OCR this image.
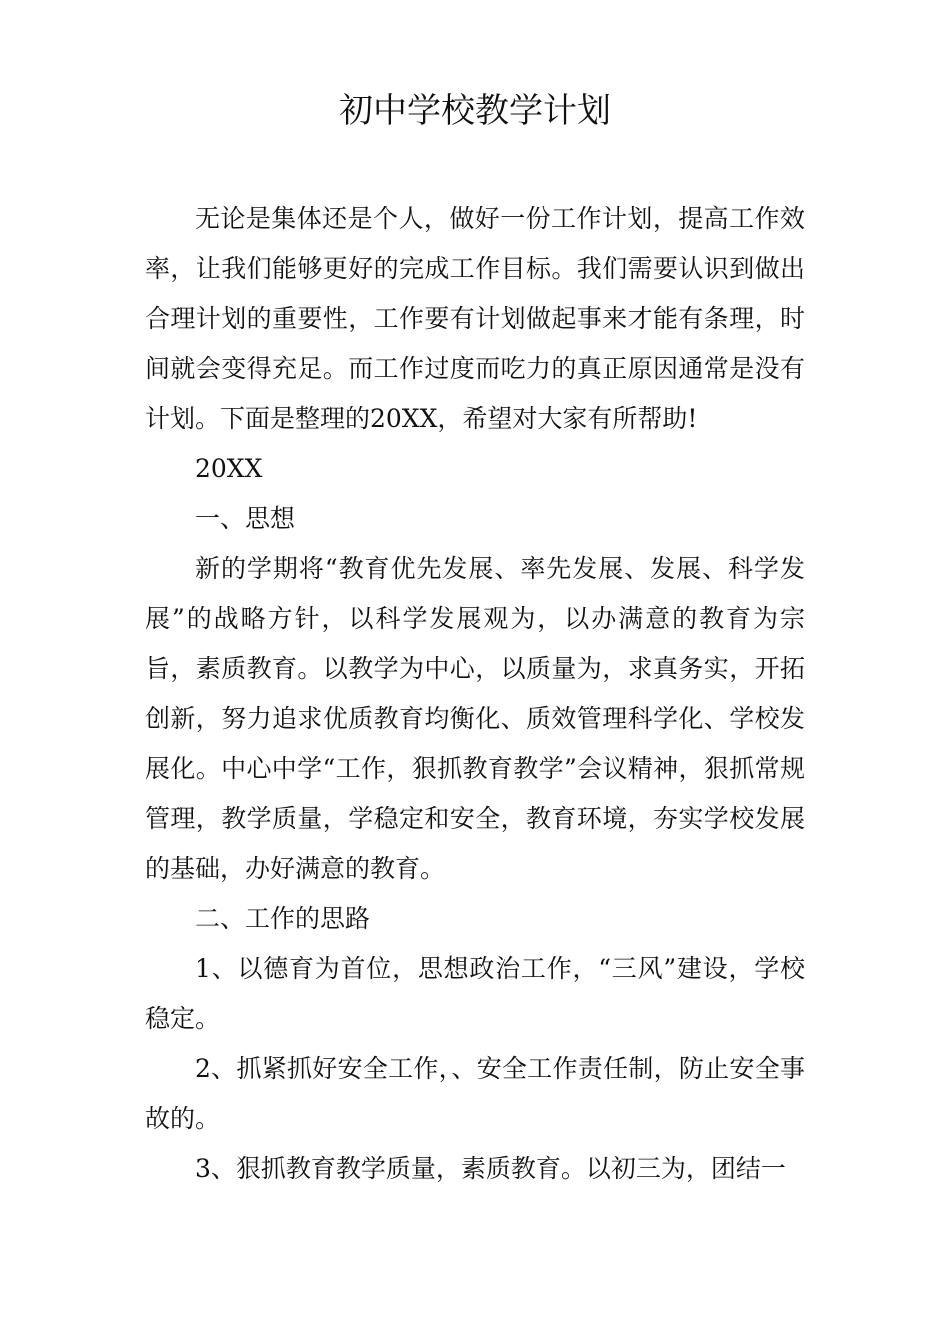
初中学校教学计划

无论是集体还是个人，做好一份工作计划，提高工作效率，让我们能够更好的完成工作目标。我们需要认识到做出合理计划的重要性，工作要有计划做起事来才能有条理，时间就会变得充足。而工作过度而吃力的真正原因通常是没有计划。下面是整理的20XX，希望对大家有所帮助!

20XX

一、思想

新的学期将“教育优先发展、率先发展、发展、科学发展”的战略方针，以科学发展观为，以办满意的教育为宗旨，素质教育。以教学为中心，以质量为，求真务实，开拓创新，努力追求优质教育均衡化、质效管理科学化、学校发展化。中心中学“工作，狠抓教育教学”会议精神，狠抓常规管理，教学质量，学稳定和安全，教育环境，夯实学校发展的基础，办好满意的教育。

二、工作的思路

1、以德育为首位，思想政治工作，“三风”建设，学校稳定。

2、抓紧抓好安全工作，、安全工作责任制，防止安全事故的。

3、狠抓教育教学质量，素质教育。以初三为，团结一
